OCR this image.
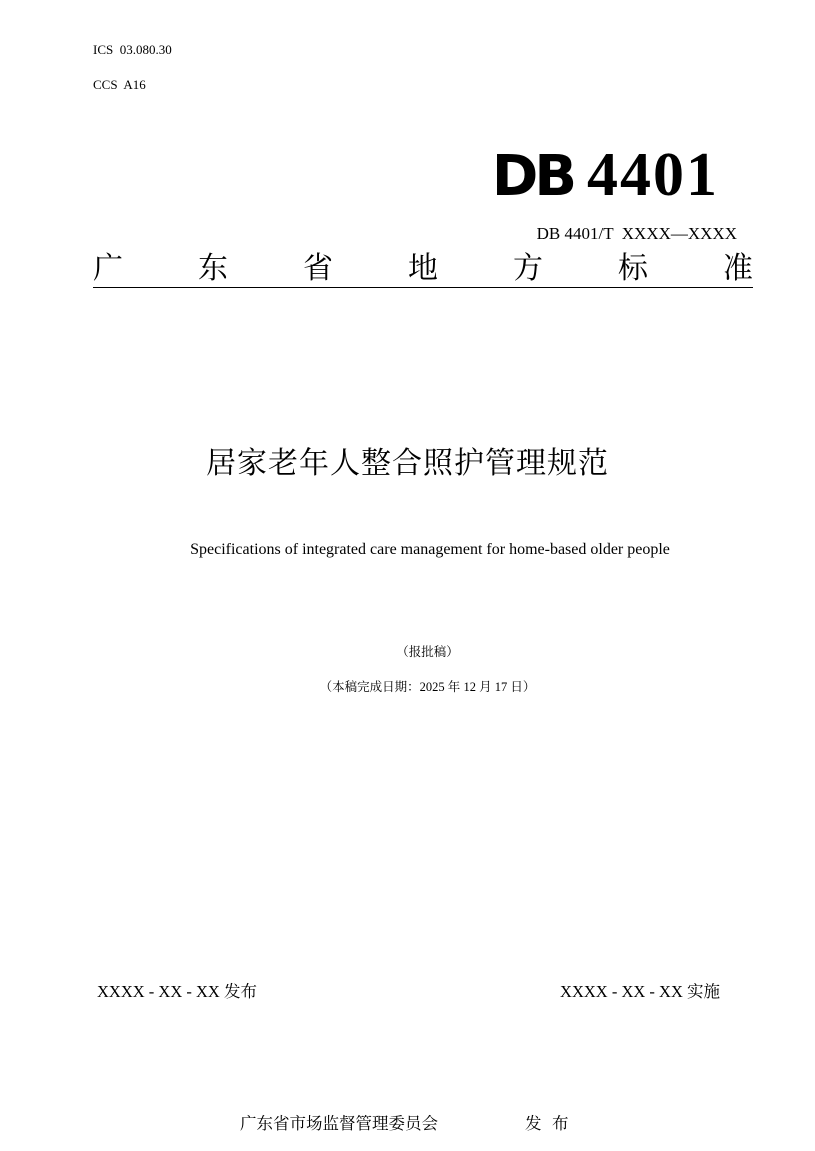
ICS  03.080.30
CCS  A16
DB 4401
DB 4401/T  XXXX—XXXX
广	东	省	地	方	标	准
居家老年人整合照护管理规范
Specifications of integrated care management for home-based older people
（报批稿）
（本稿完成日期：2025 年 12 月 17 日）
XXXX - XX - XX 发布	XXXX - XX - XX 实施
广东省市场监督管理委员会	发  布
